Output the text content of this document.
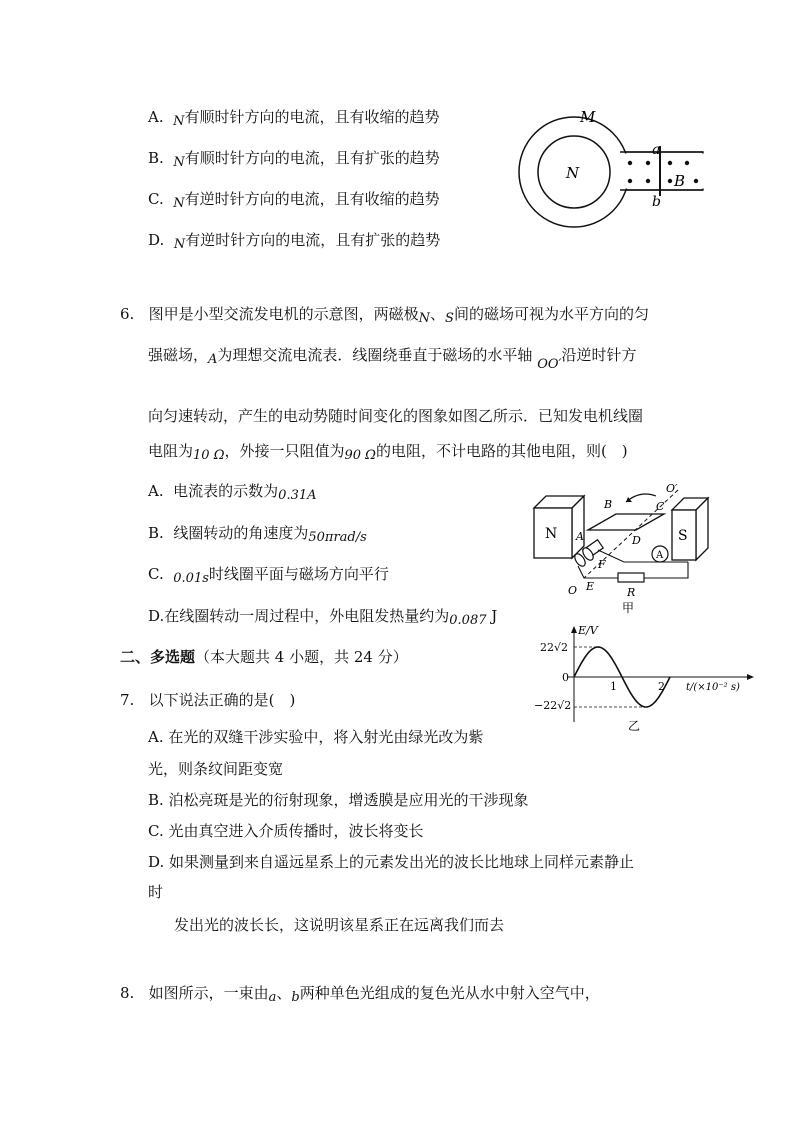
A. N有顺时针方向的电流，且有收缩的趋势
B. N有顺时针方向的电流，且有扩张的趋势
C. N有逆时针方向的电流，且有收缩的趋势
D. N有逆时针方向的电流，且有扩张的趋势
M
N
a
b
B
6. 图甲是小型交流发电机的示意图，两磁极N、S间的磁场可视为水平方向的匀
强磁场，A为理想交流电流表．线圈绕垂直于磁场的水平轴 OO′沿逆时针方
向匀速转动，产生的电动势随时间变化的图象如图乙所示．已知发电机线圈
电阻为10 Ω，外接一只阻值为90 Ω的电阻，不计电路的其他电阻，则(　)
A. 电流表的示数为0.31A
B. 线圈转动的角速度为50πrad/s
C. 0.01s时线圈平面与磁场方向平行
D.在线圈转动一周过程中，外电阻发热量约为0.087 J
N	S
A
R
B	C
O′
A	D
F
E
O
甲
二、多选题（本大题共 4 小题，共 24 分）
E/V
22√2
0
−22√2
1	2 t/(×10⁻² s)
乙
7. 以下说法正确的是(　)
A. 在光的双缝干涉实验中，将入射光由绿光改为紫
光，则条纹间距变宽
B. 泊松亮斑是光的衍射现象，增透膜是应用光的干涉现象
C. 光由真空进入介质传播时，波长将变长
D. 如果测量到来自遥远星系上的元素发出光的波长比地球上同样元素静止
时
发出光的波长长，这说明该星系正在远离我们而去
8. 如图所示，一束由a、b两种单色光组成的复色光从水中射入空气中，
